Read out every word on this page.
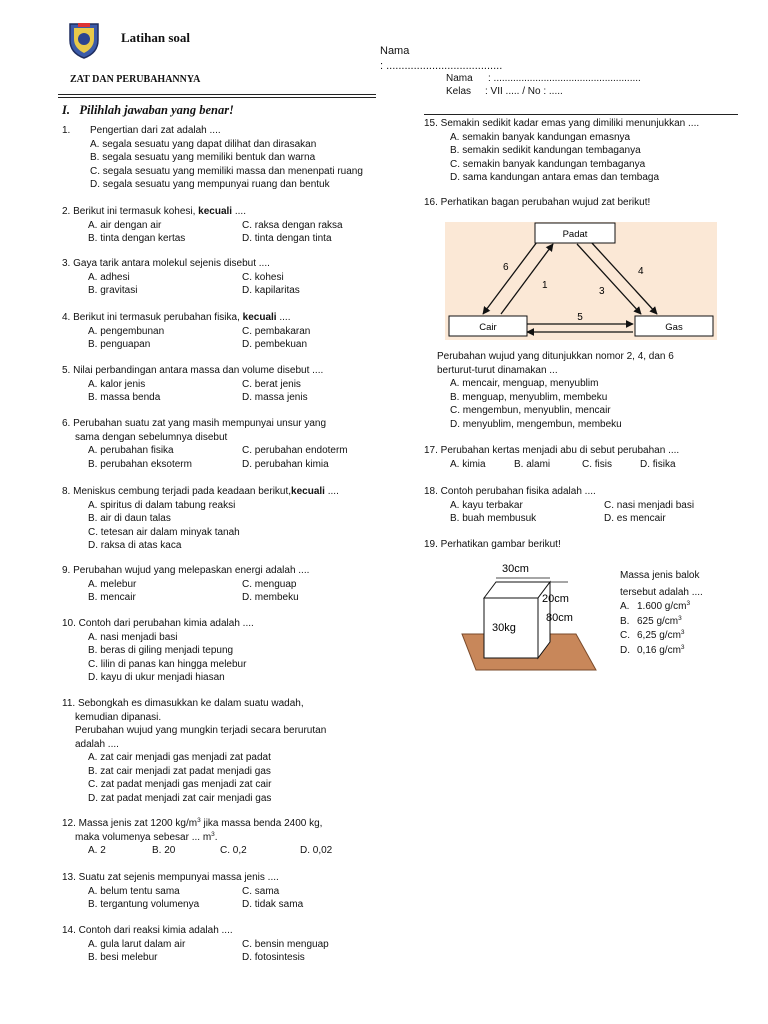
Latihan soal
ZAT DAN PERUBAHANNYA
Nama
: ......................................
Nama : .....................................................
Kelas : VII ..... / No : .....
I. Pilihlah jawaban yang benar!
1. Pengertian dari zat adalah ....
A. segala sesuatu yang dapat dilihat dan dirasakan
B. segala sesuatu yang memiliki bentuk dan warna
C. segala sesuatu yang memiliki massa dan menenpati ruang
D. segala sesuatu yang mempunyai ruang dan bentuk
2. Berikut ini termasuk kohesi, kecuali ....
A. air dengan air	C. raksa dengan raksa
B. tinta dengan kertas	D. tinta dengan tinta
3. Gaya tarik antara molekul sejenis disebut ....
A. adhesi	C. kohesi
B. gravitasi	D. kapilaritas
4. Berikut ini termasuk perubahan fisika, kecuali ....
A. pengembunan	C. pembakaran
B. penguapan	D. pembekuan
5. Nilai perbandingan antara massa dan volume disebut ....
A. kalor jenis	C. berat jenis
B. massa benda	D. massa jenis
6. Perubahan suatu zat yang masih mempunyai unsur yang
sama dengan sebelumnya disebut
A. perubahan fisika	C. perubahan endoterm
B. perubahan eksoterm	D. perubahan kimia
8. Meniskus cembung terjadi pada keadaan berikut,kecuali ....
A. spiritus di dalam tabung reaksi
B. air di daun talas
C. tetesan air dalam minyak tanah
D. raksa di atas kaca
9. Perubahan wujud yang melepaskan energi adalah ....
A. melebur	C. menguap
B. mencair	D. membeku
10. Contoh dari perubahan kimia adalah ....
A. nasi menjadi basi
B. beras di giling menjadi tepung
C. lilin di panas kan hingga melebur
D. kayu di ukur menjadi hiasan
11. Sebongkah es dimasukkan ke dalam suatu wadah,
kemudian dipanasi.
Perubahan wujud yang mungkin terjadi secara berurutan
adalah ....
A. zat cair menjadi gas menjadi zat padat
B. zat cair menjadi zat padat menjadi gas
C. zat padat menjadi gas menjadi zat cair
D. zat padat menjadi zat cair menjadi gas
12. Massa jenis zat 1200 $kg/m^3$ jika massa benda 2400 kg,
maka volumenya sebesar ... $m^3$.
A. 2	B. 20	C. 0,2	D. 0,02
13. Suatu zat sejenis mempunyai massa jenis ....
A. belum tentu sama	C. sama
B. tergantung volumenya	D. tidak sama
14. Contoh dari reaksi kimia adalah ....
A. gula larut dalam air	C. bensin menguap
B. besi melebur	D. fotosintesis
15. Semakin sedikit kadar emas yang dimiliki menunjukkan ....
A. semakin banyak kandungan emasnya
B. semakin sedikit kandungan tembaganya
C. semakin banyak kandungan tembaganya
D. sama kandungan antara emas dan tembaga
16. Perhatikan bagan perubahan wujud zat berikut!
Padat
Cair	Gas
6
1
3
4
5
Perubahan wujud yang ditunjukkan nomor 2, 4, dan 6
berturut-turut dinamakan ...
A. mencair, menguap, menyublim
B. menguap, menyublim, membeku
C. mengembun, menyublin, mencair
D. menyublim, mengembun, membeku
17. Perubahan kertas menjadi abu di sebut perubahan ....
A. kimia	B. alami	C. fisis	D. fisika
18. Contoh perubahan fisika adalah ....
A. kayu terbakar	C. nasi menjadi basi
B. buah membusuk	D. es mencair
19. Perhatikan gambar berikut!
30cm
20cm
80cm
30kg
Massa jenis balok
tersebut adalah ....
A. 1.600 $g/cm^3$
B. 625 $g/cm^3$
C. 6,25 $g/cm^3$
D. 0,16 $g/cm^3$
